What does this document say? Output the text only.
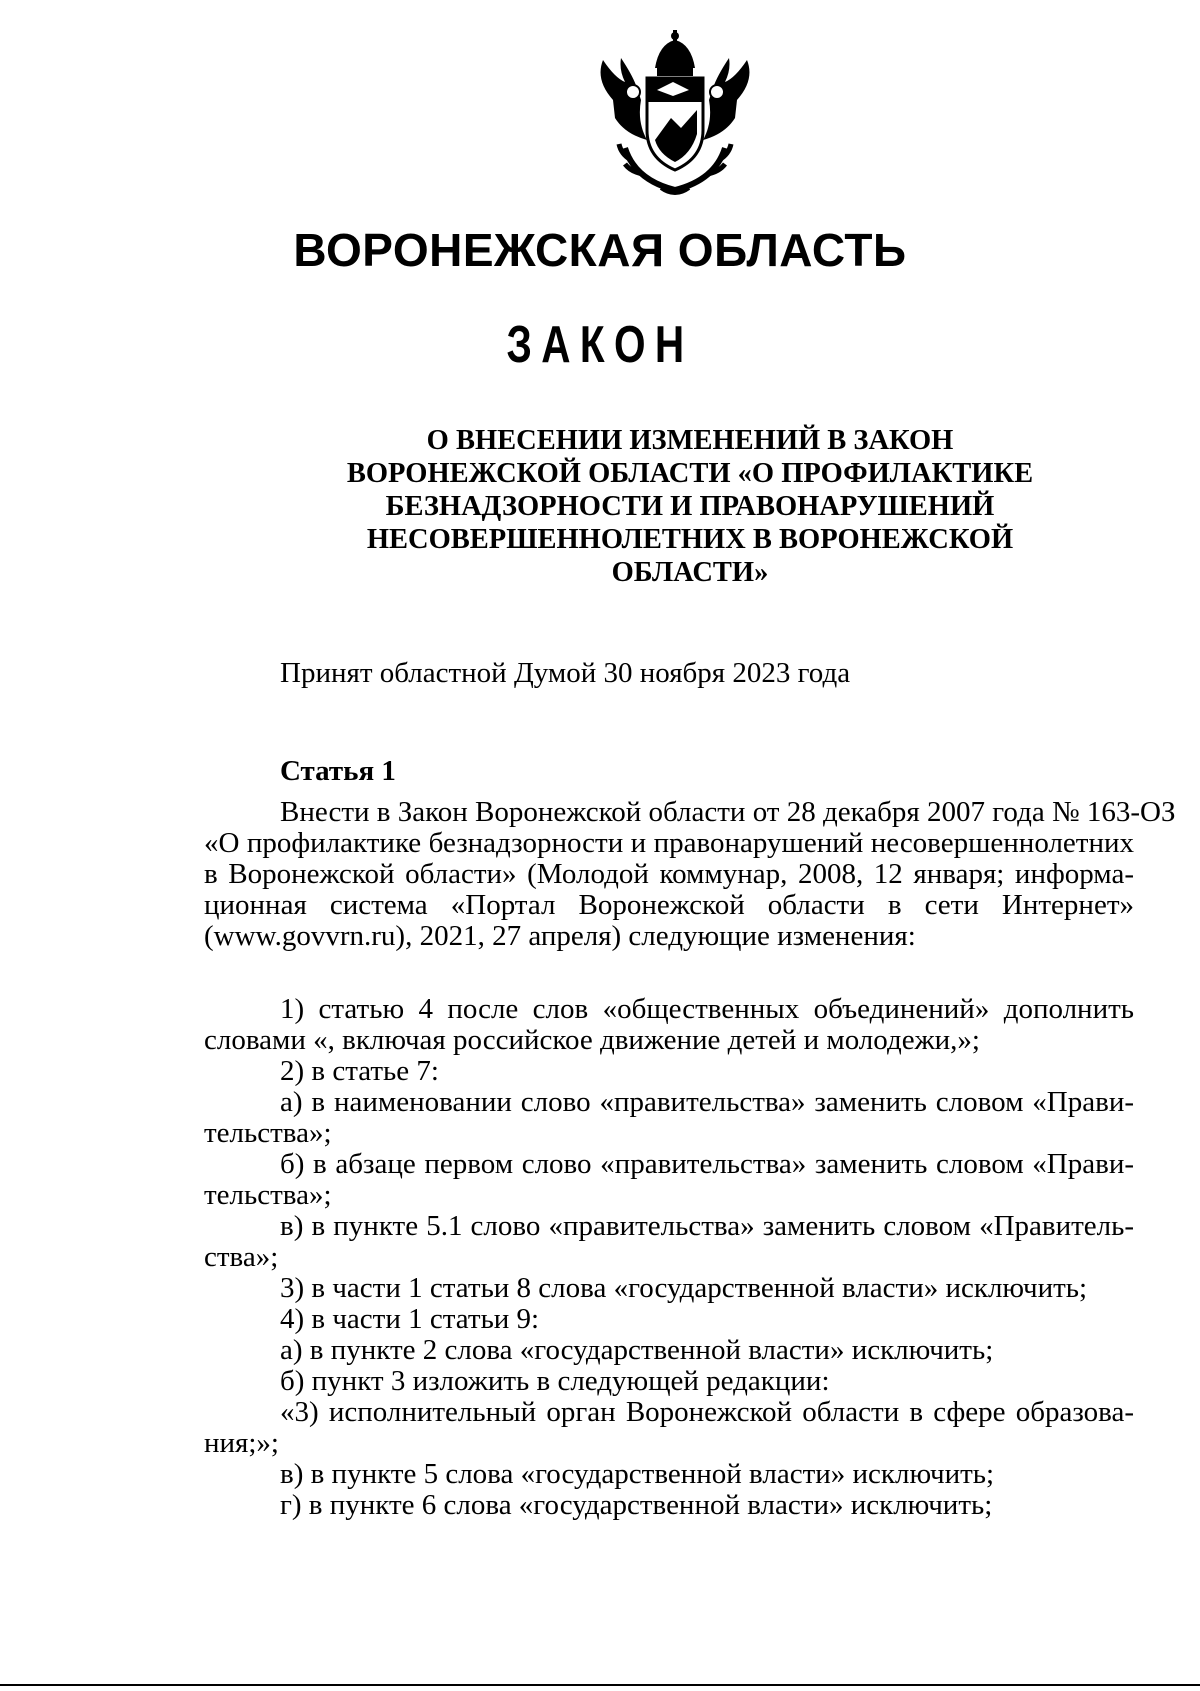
ВОРОНЕЖСКАЯ ОБЛАСТЬ
ЗАКОН
О ВНЕСЕНИИ ИЗМЕНЕНИЙ В ЗАКОН
ВОРОНЕЖСКОЙ ОБЛАСТИ «О ПРОФИЛАКТИКЕ
БЕЗНАДЗОРНОСТИ И ПРАВОНАРУШЕНИЙ
НЕСОВЕРШЕННОЛЕТНИХ В ВОРОНЕЖСКОЙ
ОБЛАСТИ»
Принят областной Думой 30 ноября 2023 года
Статья 1
Внести в Закон Воронежской области от 28 декабря 2007 года № 163-ОЗ
«О профилактике безнадзорности и правонарушений несовершеннолетних
в Воронежской области» (Молодой коммунар, 2008, 12 января; информа-
ционная система «Портал Воронежской области в сети Интернет»
(www.govvrn.ru), 2021, 27 апреля) следующие изменения:
1) статью 4 после слов «общественных объединений» дополнить
словами «, включая российское движение детей и молодежи,»;
2) в статье 7:
а) в наименовании слово «правительства» заменить словом «Прави-
тельства»;
б) в абзаце первом слово «правительства» заменить словом «Прави-
тельства»;
в) в пункте 5.1 слово «правительства» заменить словом «Правитель-
ства»;
3) в части 1 статьи 8 слова «государственной власти» исключить;
4) в части 1 статьи 9:
а) в пункте 2 слова «государственной власти» исключить;
б) пункт 3 изложить в следующей редакции:
«3) исполнительный орган Воронежской области в сфере образова-
ния;»;
в) в пункте 5 слова «государственной власти» исключить;
г) в пункте 6 слова «государственной власти» исключить;
